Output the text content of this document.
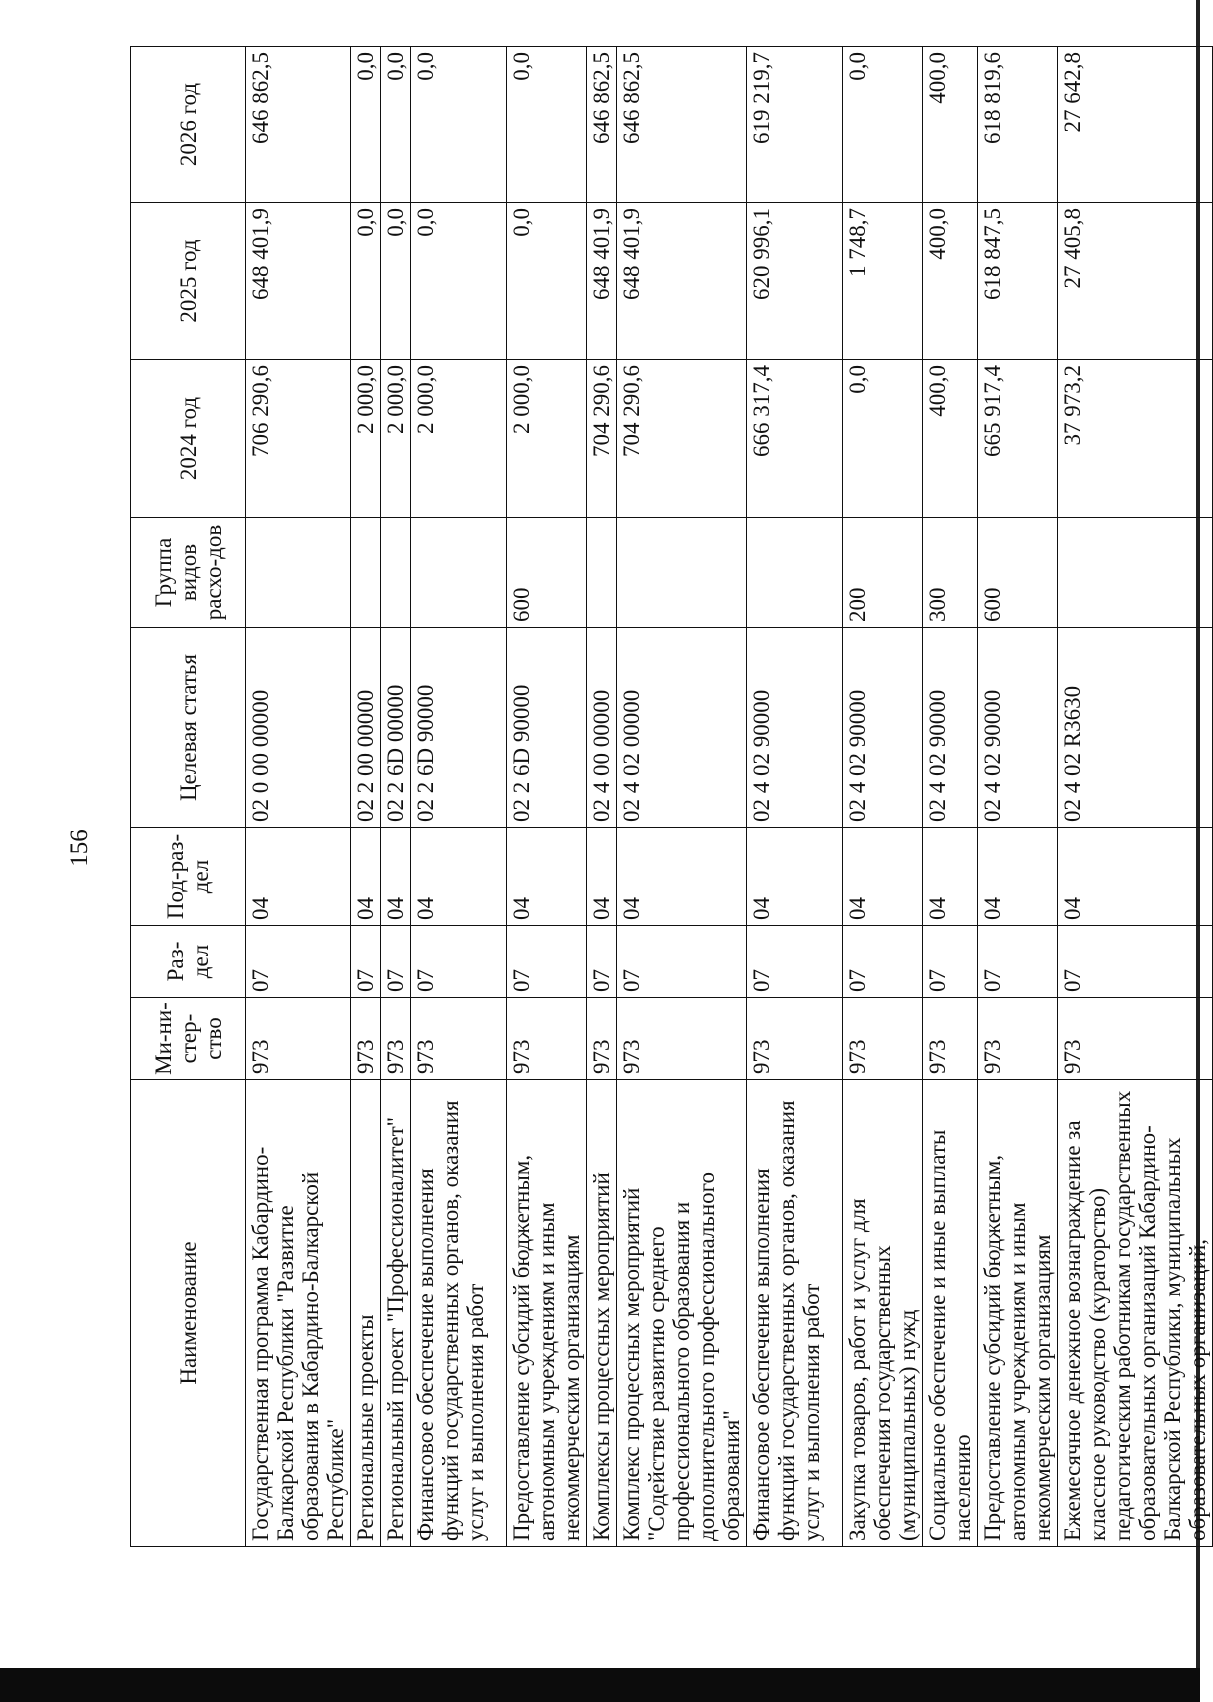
156
Наименование	Ми-ни-стер-ство	Раз-дел	Под-раз-дел	Целевая статья	Группа видов расхо-дов	2024 год	2025 год	2026 год
Государственная программа Кабардино-Балкарской Республики "Развитие образования в Кабардино-Балкарской Республике"	973	07	04	02 0 00 00000		706 290,6	648 401,9	646 862,5
Региональные проекты	973	07	04	02 2 00 00000		2 000,0	0,0	0,0
Региональный проект "Профессионалитет"	973	07	04	02 2 6D 00000		2 000,0	0,0	0,0
Финансовое обеспечение выполнения функций государственных органов, оказания услуг и выполнения работ	973	07	04	02 2 6D 90000		2 000,0	0,0	0,0
Предоставление субсидий бюджетным, автономным учреждениям и иным некоммерческим организациям	973	07	04	02 2 6D 90000	600	2 000,0	0,0	0,0
Комплексы процессных мероприятий	973	07	04	02 4 00 00000		704 290,6	648 401,9	646 862,5
Комплекс процессных мероприятий "Содействие развитию среднего профессионального образования и дополнительного профессионального образования"	973	07	04	02 4 02 00000		704 290,6	648 401,9	646 862,5
Финансовое обеспечение выполнения функций государственных органов, оказания услуг и выполнения работ	973	07	04	02 4 02 90000		666 317,4	620 996,1	619 219,7
Закупка товаров, работ и услуг для обеспечения государственных (муниципальных) нужд	973	07	04	02 4 02 90000	200	0,0	1 748,7	0,0
Социальное обеспечение и иные выплаты населению	973	07	04	02 4 02 90000	300	400,0	400,0	400,0
Предоставление субсидий бюджетным, автономным учреждениям и иным некоммерческим организациям	973	07	04	02 4 02 90000	600	665 917,4	618 847,5	618 819,6
Ежемесячное денежное вознаграждение за классное руководство (кураторство) педагогическим работникам государственных образовательных организаций Кабардино-Балкарской Республики, муниципальных образовательных организаций,	973	07	04	02 4 02 R3630		37 973,2	27 405,8	27 642,8
